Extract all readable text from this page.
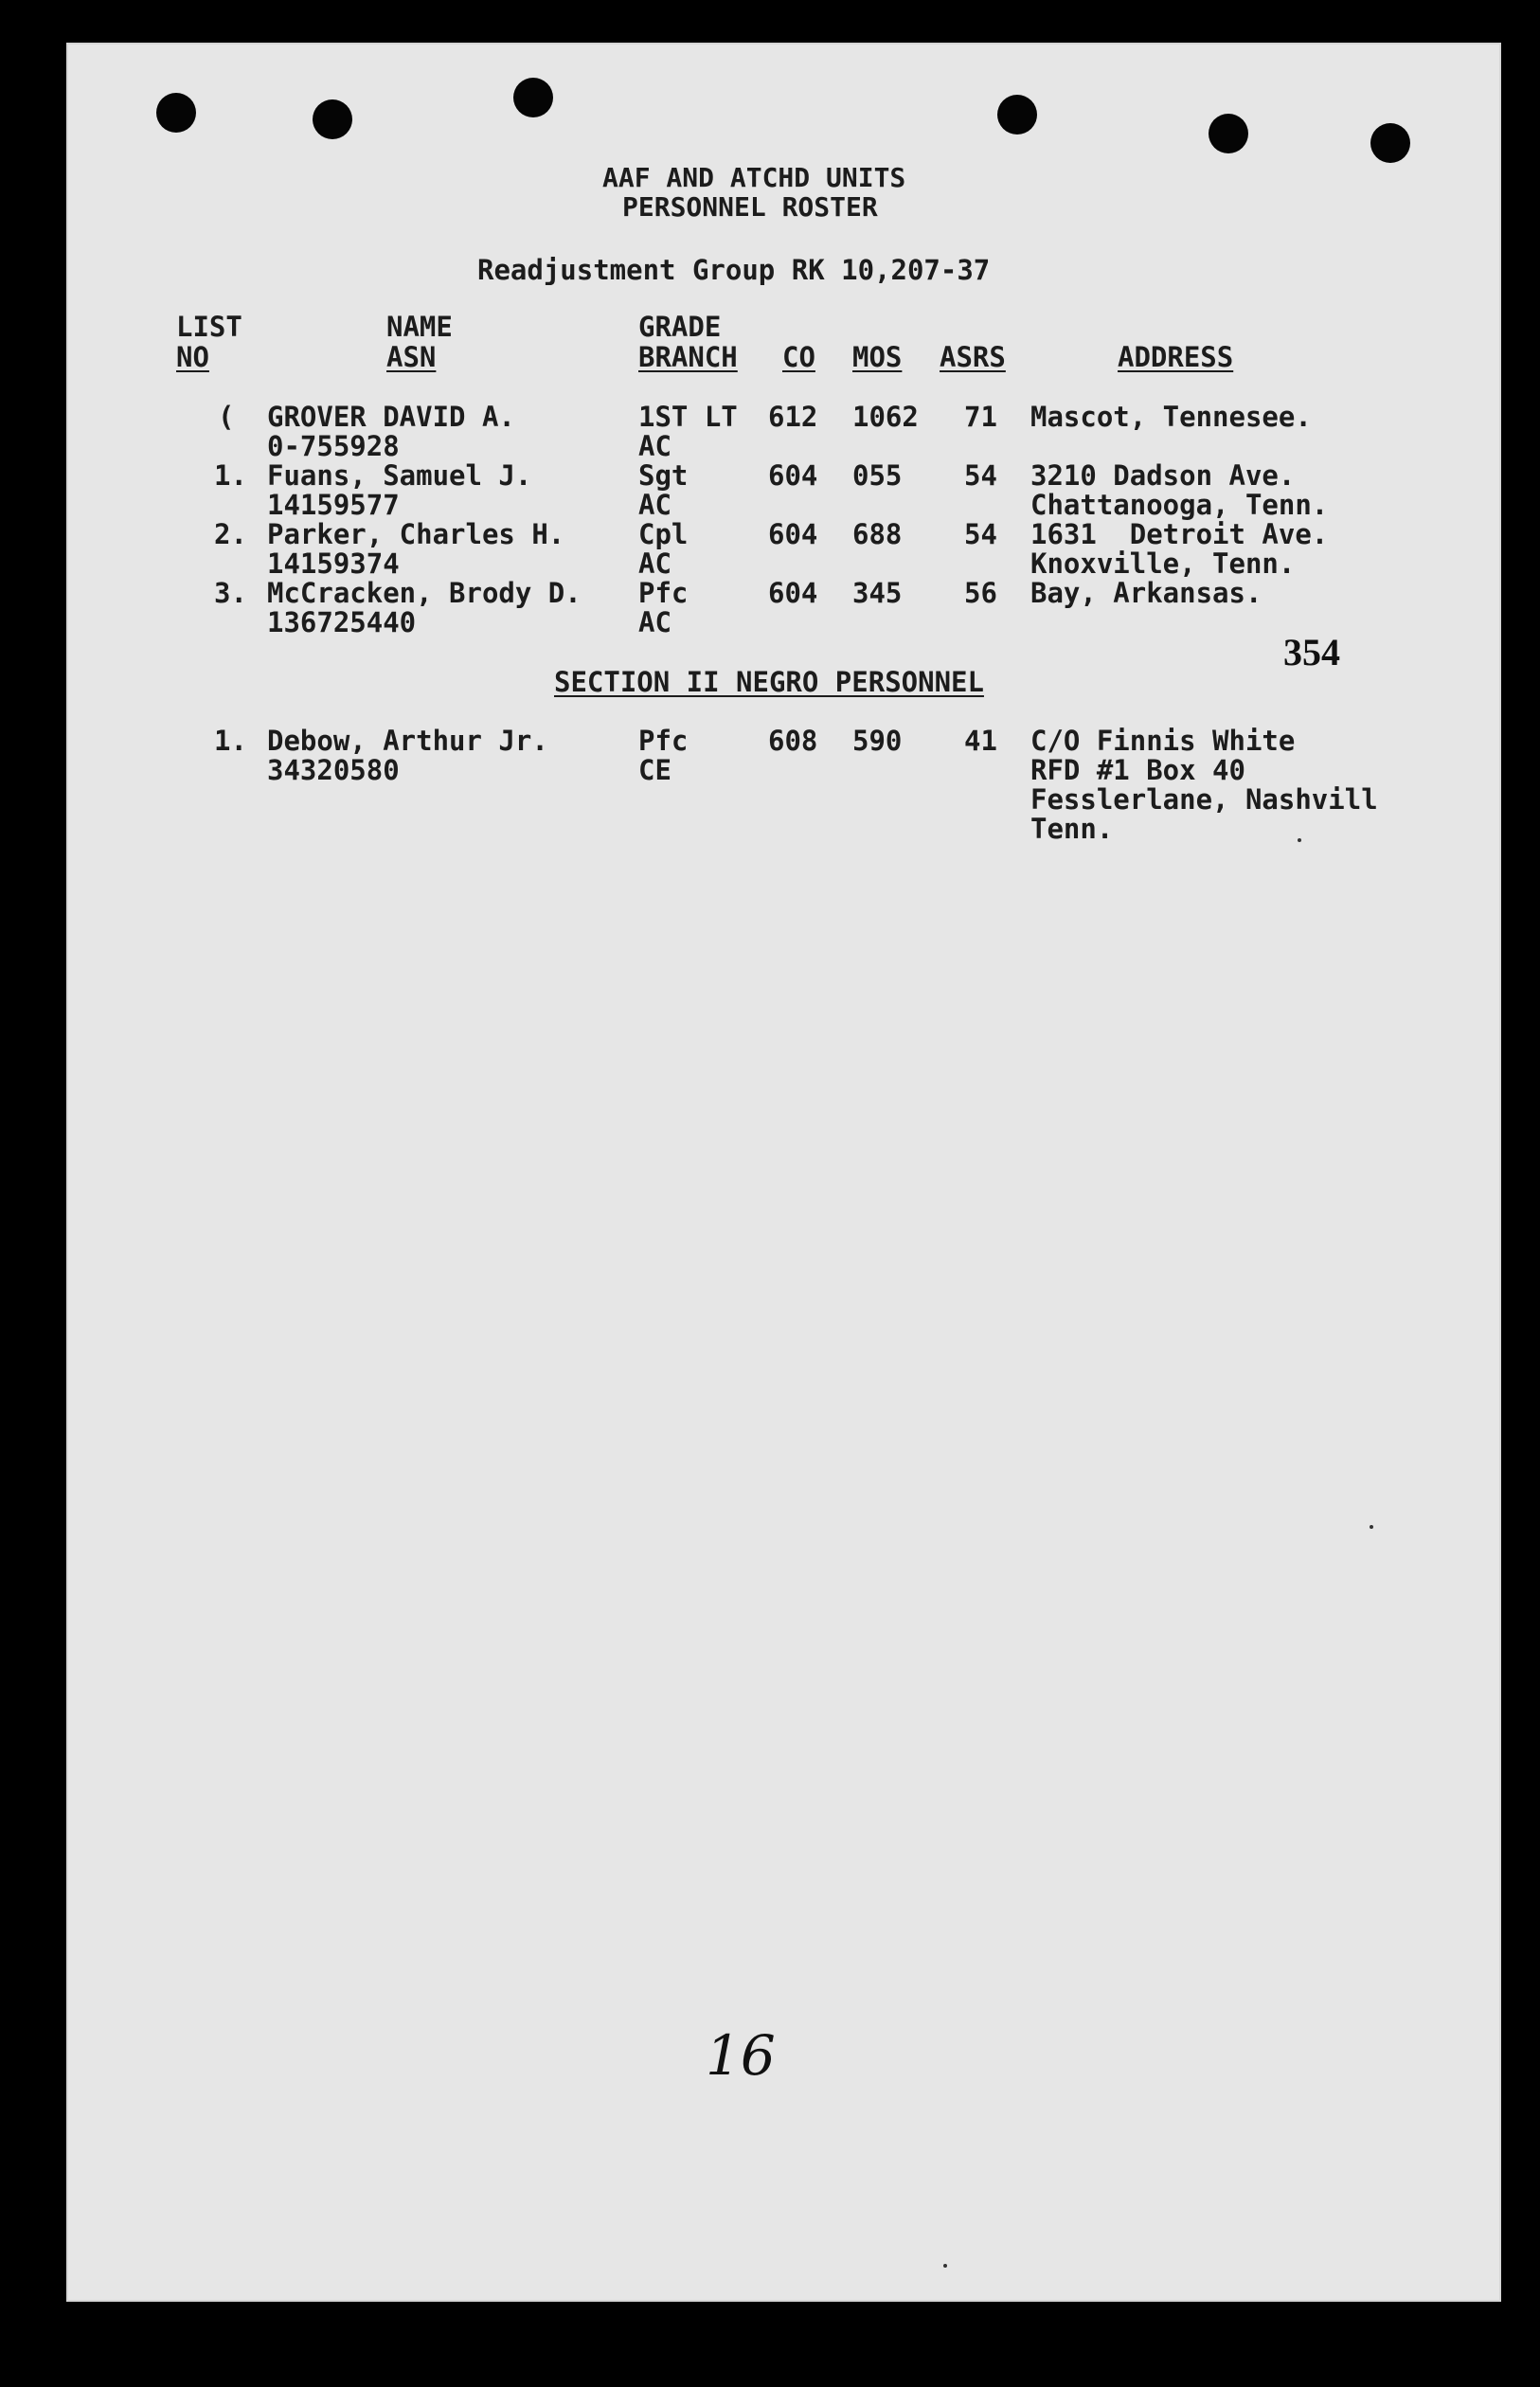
AAF AND ATCHD UNITS
PERSONNEL ROSTER
Readjustment Group RK 10,207-37
LIST
NO
NAME
ASN
GRADE
BRANCH CO MOS ASRS	ADDRESS
( GROVER DAVID A.
0-755928
1ST LT
AC
612 1062 71 Mascot, Tennesee.
1. Fuans, Samuel J.
14159577
Sgt
AC
604 055 54 3210 Dadson Ave.
Chattanooga, Tenn.
2. Parker, Charles H.
14159374
Cpl
AC
604 688 54 1631  Detroit Ave.
Knoxville, Tenn.
3. McCracken, Brody D.
136725440
Pfc
AC
604 345 56 Bay, Arkansas.
354
SECTION II NEGRO PERSONNEL
1. Debow, Arthur Jr.
34320580
Pfc
CE
608 590 41 C/O Finnis White
RFD #1 Box 40
Fesslerlane, Nashvill
Tenn.
16
